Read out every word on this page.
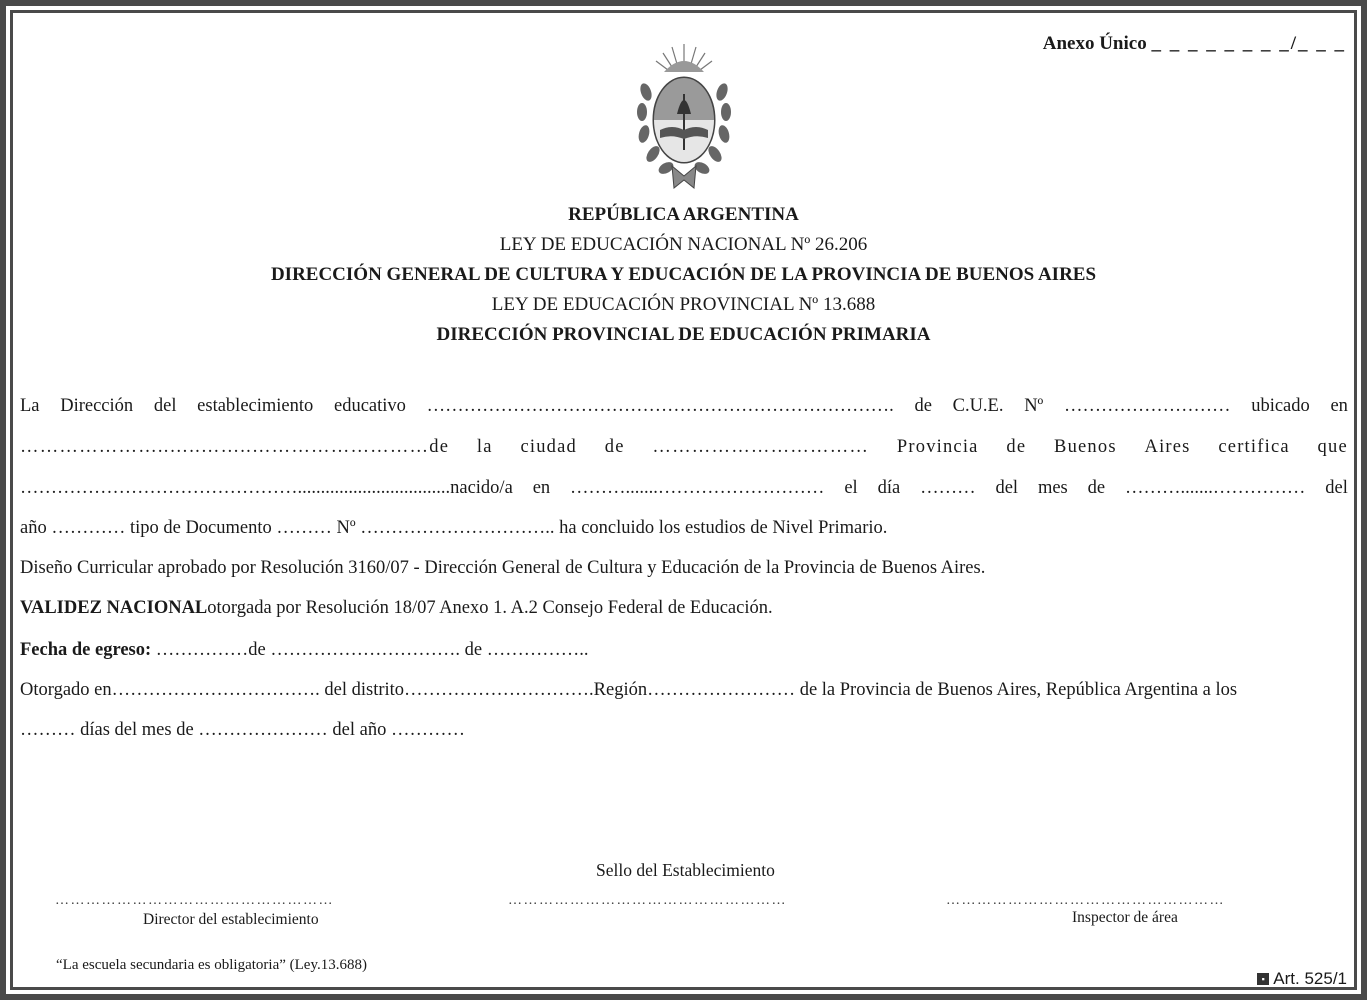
Anexo Único _ _ _ _ _ _ _ _/_ _ _
REPÚBLICA ARGENTINA
LEY DE EDUCACIÓN NACIONAL Nº 26.206
DIRECCIÓN GENERAL DE CULTURA Y EDUCACIÓN DE LA PROVINCIA DE BUENOS AIRES
LEY DE EDUCACIÓN PROVINCIAL Nº 13.688
DIRECCIÓN PROVINCIAL DE EDUCACIÓN PRIMARIA
La Dirección del establecimiento educativo …………………………………………………………………. de C.U.E. Nº ……………………… ubicado en
…………………..…..……..………………………de la ciudad de …………………………… Provincia de Buenos Aires certifica que
……………………………………….................................nacido/a en ……….......……………………… el día ……… del mes de ……….......…………… del
año ………… tipo de Documento ……… Nº ………………………….. ha concluido los estudios de Nivel Primario.
Diseño Curricular aprobado por Resolución 3160/07 - Dirección General de Cultura y Educación de la Provincia de Buenos Aires.
VALIDEZ NACIONALotorgada por Resolución 18/07 Anexo 1. A.2 Consejo Federal de Educación.
Fecha de egreso: ……………de …………………………. de ……………..
Otorgado en……………………………. del distrito………………………….Región…………………… de la Provincia de Buenos Aires, República Argentina a los
……… días del mes de ………………… del año …………
Sello del Establecimiento
………………………………………………	………………………………………………	………………………………………………
Director del establecimiento	Inspector de área
“La escuela secundaria es obligatoria” (Ley.13.688)
▪ Art. 525/1
